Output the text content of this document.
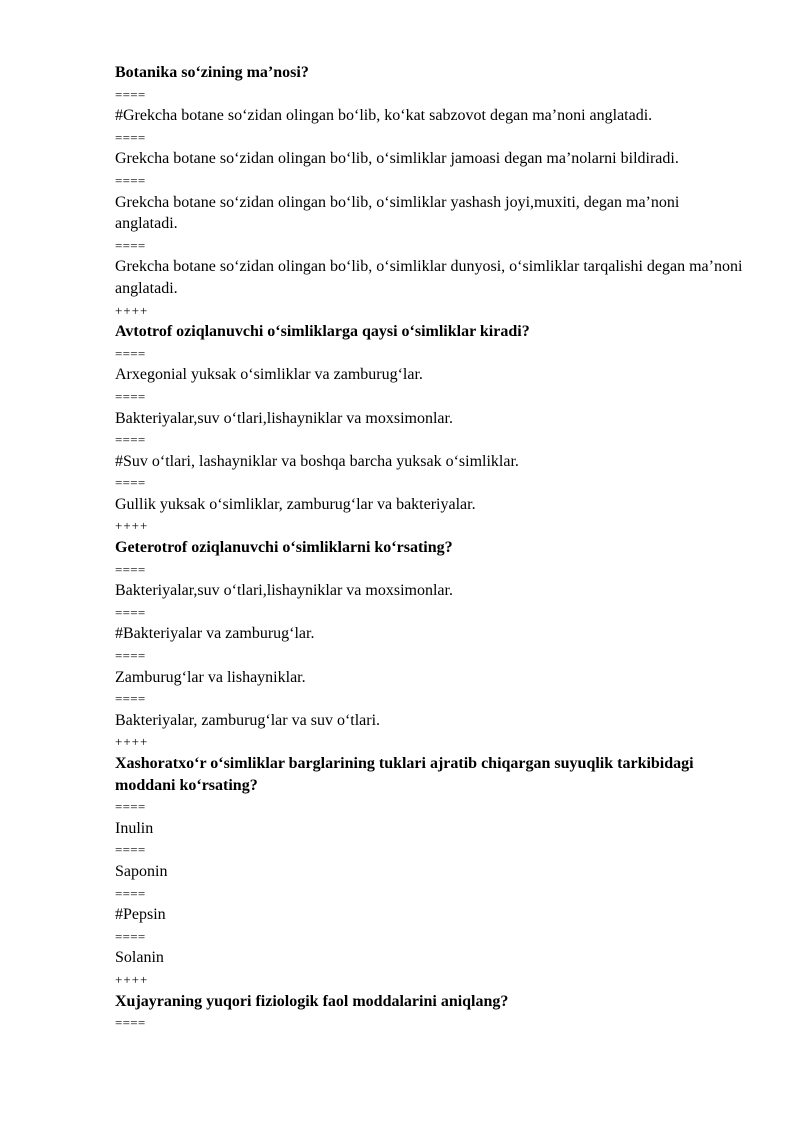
Botanika so‘zining ma’nosi?

====

#Grekcha botane so‘zidan olingan bo‘lib, ko‘kat sabzovot degan ma’noni anglatadi.

====

Grekcha botane so‘zidan olingan bo‘lib, o‘simliklar jamoasi degan ma’nolarni bildiradi.

====

Grekcha botane so‘zidan olingan bo‘lib, o‘simliklar yashash joyi,muxiti, degan ma’noni anglatadi.

====

Grekcha botane so‘zidan olingan bo‘lib, o‘simliklar dunyosi, o‘simliklar tarqalishi degan ma’noni anglatadi.

++++

Avtotrof oziqlanuvchi o‘simliklarga qaysi o‘simliklar kiradi?

====

Arxegonial yuksak o‘simliklar va zamburug‘lar.

====

Bakteriyalar,suv o‘tlari,lishayniklar va moxsimonlar.

====

#Suv o‘tlari, lashayniklar va boshqa barcha yuksak o‘simliklar.

====

Gullik yuksak o‘simliklar, zamburug‘lar va bakteriyalar.

++++

Geterotrof oziqlanuvchi o‘simliklarni ko‘rsating?

====

Bakteriyalar,suv o‘tlari,lishayniklar va moxsimonlar.

====

#Bakteriyalar va zamburug‘lar.

====

Zamburug‘lar va lishayniklar.

====

Bakteriyalar, zamburug‘lar va suv o‘tlari.

++++

Xashoratxo‘r o‘simliklar barglarining tuklari ajratib chiqargan suyuqlik tarkibidagi moddani ko‘rsating?

====

Inulin

====

Saponin

====

#Pepsin

====

Solanin

++++

Xujayraning yuqori fiziologik faol moddalarini aniqlang?

====
